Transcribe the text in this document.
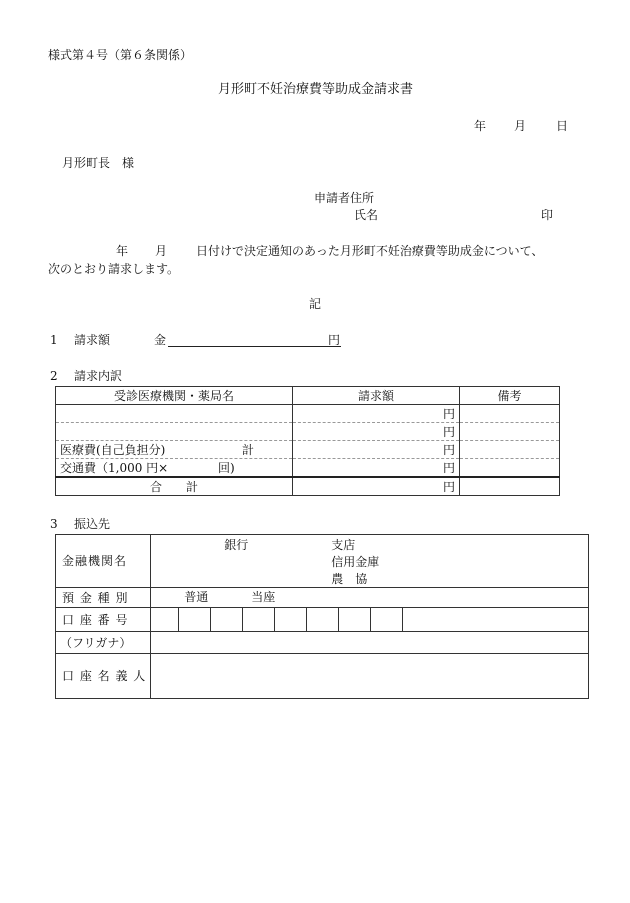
様式第４号（第６条関係）
月形町不妊治療費等助成金請求書
年 月 日
月形町長　様
申請者住所
氏名	印
年 月 日付けで決定通知のあった月形町不妊治療費等助成金について、
次のとおり請求します。
記
1 請求額	金	円
2 請求内訳
受診医療機関・薬局名	請求額	備考
	円	
	円	
医療費(自己負担分) 計	円	
交通費（1,000 円× 回)	円	
合　　計	円	
3 振込先
金融機関名	銀行 支店
信用金庫
農　協

預 金 種 別	普通 当座

口 座 番 号	

（フリガナ）	
口 座 名 義 人	
